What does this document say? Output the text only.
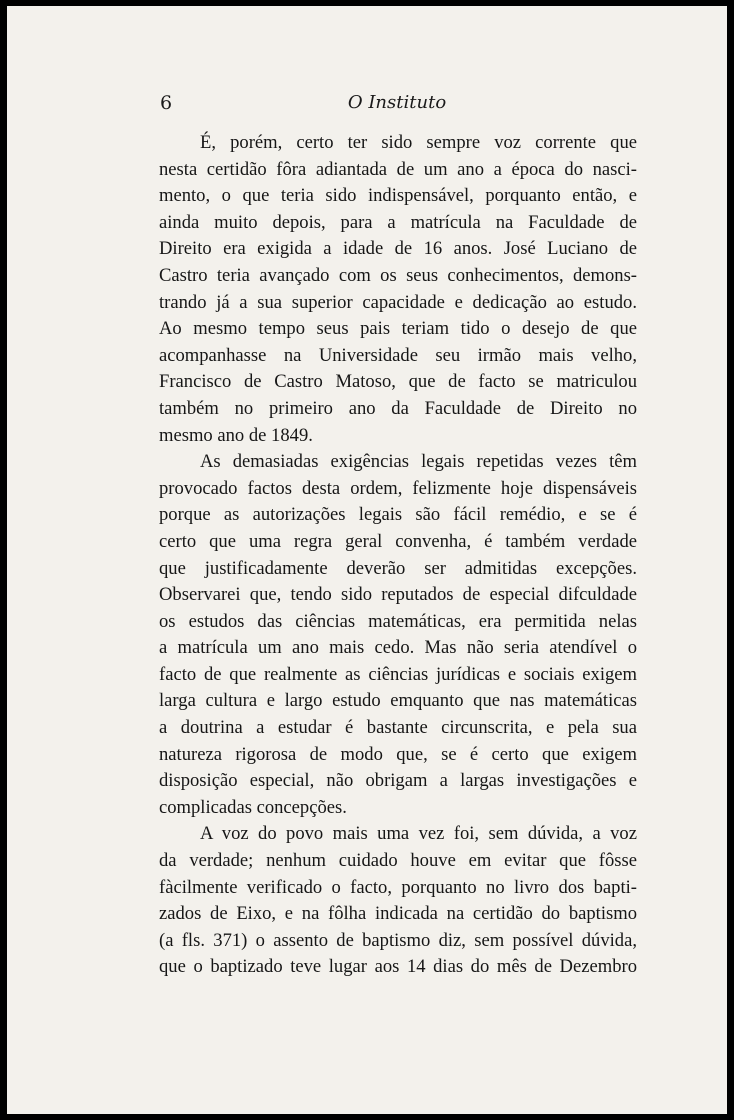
6	O Instituto
É, porém, certo ter sido sempre voz corrente que
nesta certidão fôra adiantada de um ano a época do nasci-
mento, o que teria sido indispensável, porquanto então, e
ainda muito depois, para a matrícula na Faculdade de
Direito era exigida a idade de 16 anos. José Luciano de
Castro teria avançado com os seus conhecimentos, demons-
trando já a sua superior capacidade e dedicação ao estudo.
Ao mesmo tempo seus pais teriam tido o desejo de que
acompanhasse na Universidade seu irmão mais velho,
Francisco de Castro Matoso, que de facto se matriculou
também no primeiro ano da Faculdade de Direito no
mesmo ano de 1849.
As demasiadas exigências legais repetidas vezes têm
provocado factos desta ordem, felizmente hoje dispensáveis
porque as autorizações legais são fácil remédio, e se é
certo que uma regra geral convenha, é também verdade
que justificadamente deverão ser admitidas excepções.
Observarei que, tendo sido reputados de especial difculdade
os estudos das ciências matemáticas, era permitida nelas
a matrícula um ano mais cedo. Mas não seria atendível o
facto de que realmente as ciências jurídicas e sociais exigem
larga cultura e largo estudo emquanto que nas matemáticas
a doutrina a estudar é bastante circunscrita, e pela sua
natureza rigorosa de modo que, se é certo que exigem
disposição especial, não obrigam a largas investigações e
complicadas concepções.
A voz do povo mais uma vez foi, sem dúvida, a voz
da verdade; nenhum cuidado houve em evitar que fôsse
fàcilmente verificado o facto, porquanto no livro dos bapti-
zados de Eixo, e na fôlha indicada na certidão do baptismo
(a fls. 371) o assento de baptismo diz, sem possível dúvida,
que o baptizado teve lugar aos 14 dias do mês de Dezembro
